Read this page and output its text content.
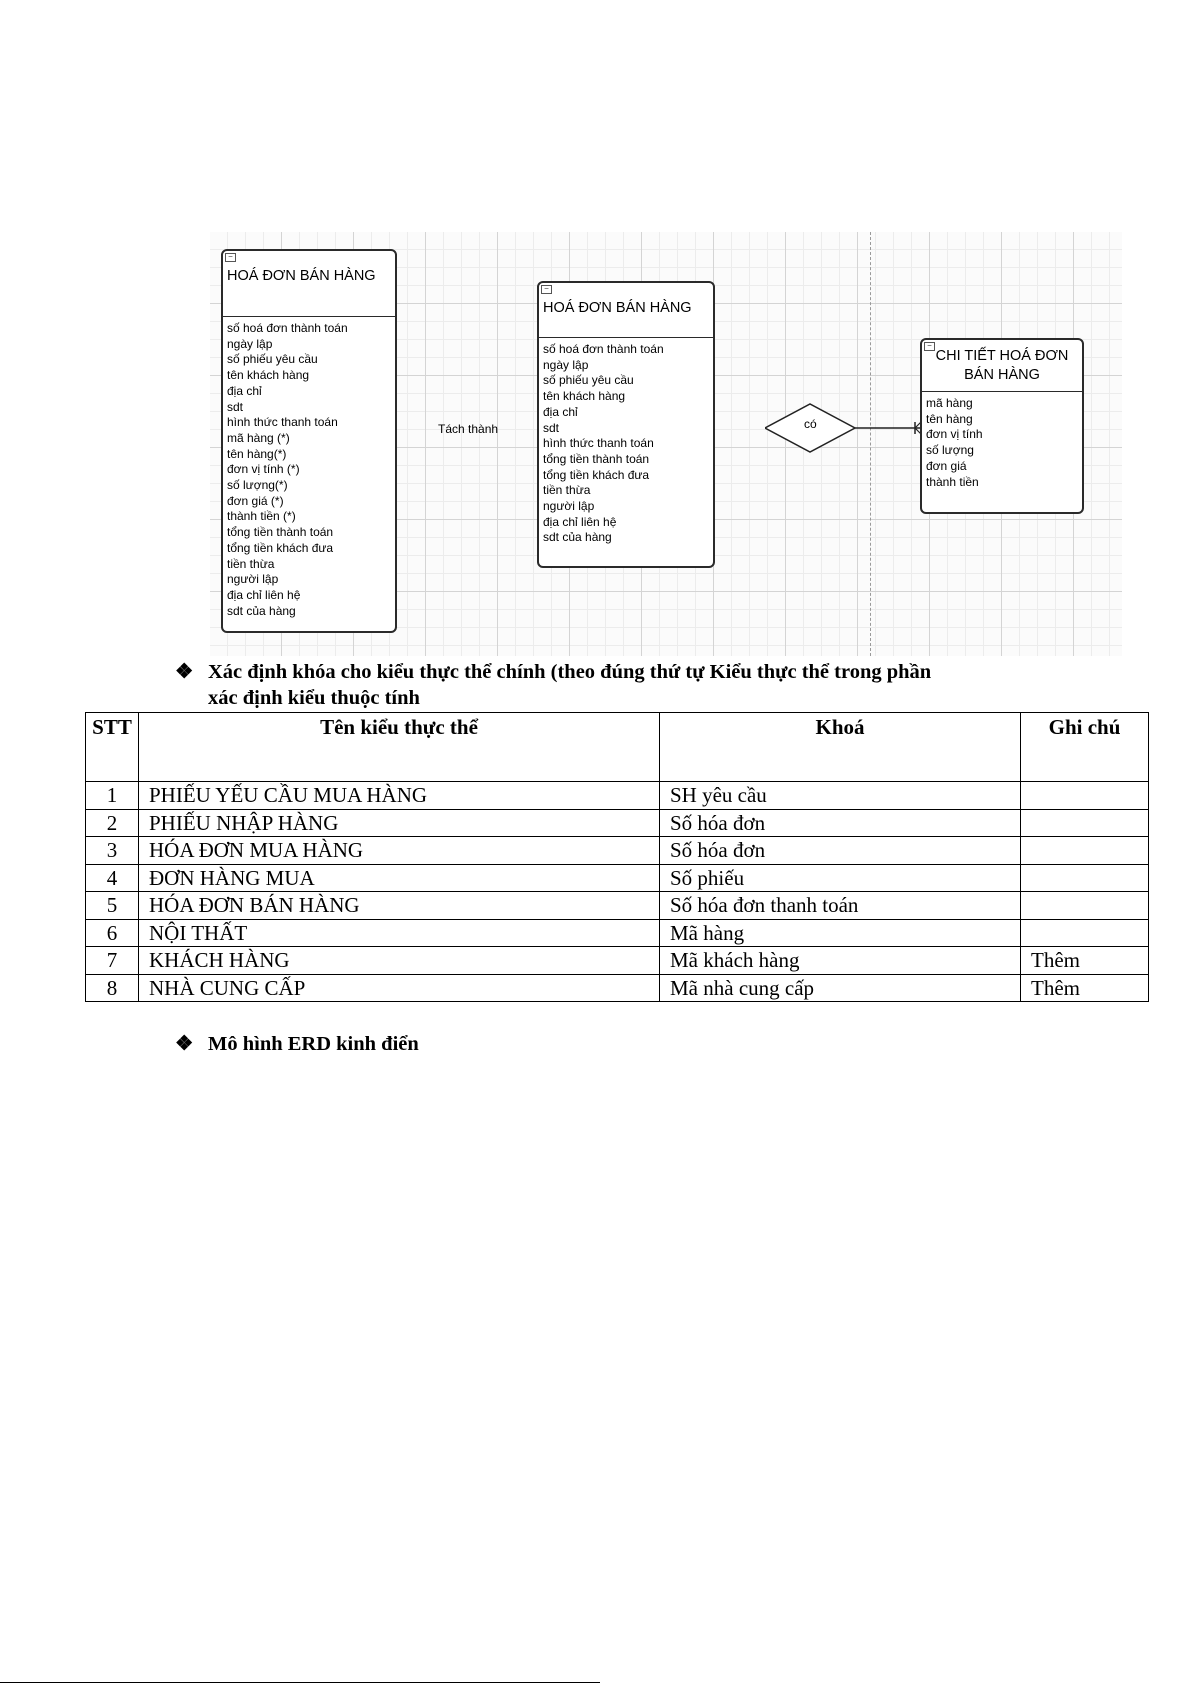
−
HOÁ ĐƠN BÁN HÀNG
số hoá đơn thành toán
ngày lập
số phiếu yêu cầu
tên khách hàng
địa chỉ
sdt
hình thức thanh toán
mã hàng (*)
tên hàng(*)
đơn vị tính (*)
số lượng(*)
đơn giá (*)
thành tiền (*)
tổng tiền thành toán
tổng tiền khách đưa
tiền thừa
người lập
địa chỉ liên hệ
sdt của hàng
Tách thành
−
HOÁ ĐƠN BÁN HÀNG
số hoá đơn thành toán
ngày lập
số phiếu yêu cầu
tên khách hàng
địa chỉ
sdt
hình thức thanh toán
tổng tiền thành toán
tổng tiền khách đưa
tiền thừa
người lập
địa chỉ liên hệ
sdt của hàng
có
−
CHI TIẾT HOÁ ĐƠN
BÁN HÀNG
mã hàng
tên hàng
đơn vị tính
số lượng
đơn giá
thành tiền
❖ Xác định khóa cho kiểu thực thể chính (theo đúng thứ tự Kiểu thực thể trong phần
xác định kiểu thuộc tính
STT	Tên kiểu thực thể	Khoá	Ghi chú
1	PHIẾU YẾU CẦU MUA HÀNG	SH yêu cầu	
2	PHIẾU NHẬP HÀNG	Số hóa đơn	
3	HÓA ĐƠN MUA HÀNG	Số hóa đơn	
4	ĐƠN HÀNG MUA	Số phiếu	
5	HÓA ĐƠN BÁN HÀNG	Số hóa đơn thanh toán	
6	NỘI THẤT	Mã hàng	
7	KHÁCH HÀNG	Mã khách hàng	Thêm
8	NHÀ CUNG CẤP	Mã nhà cung cấp	Thêm
❖ Mô hình ERD kinh điển
